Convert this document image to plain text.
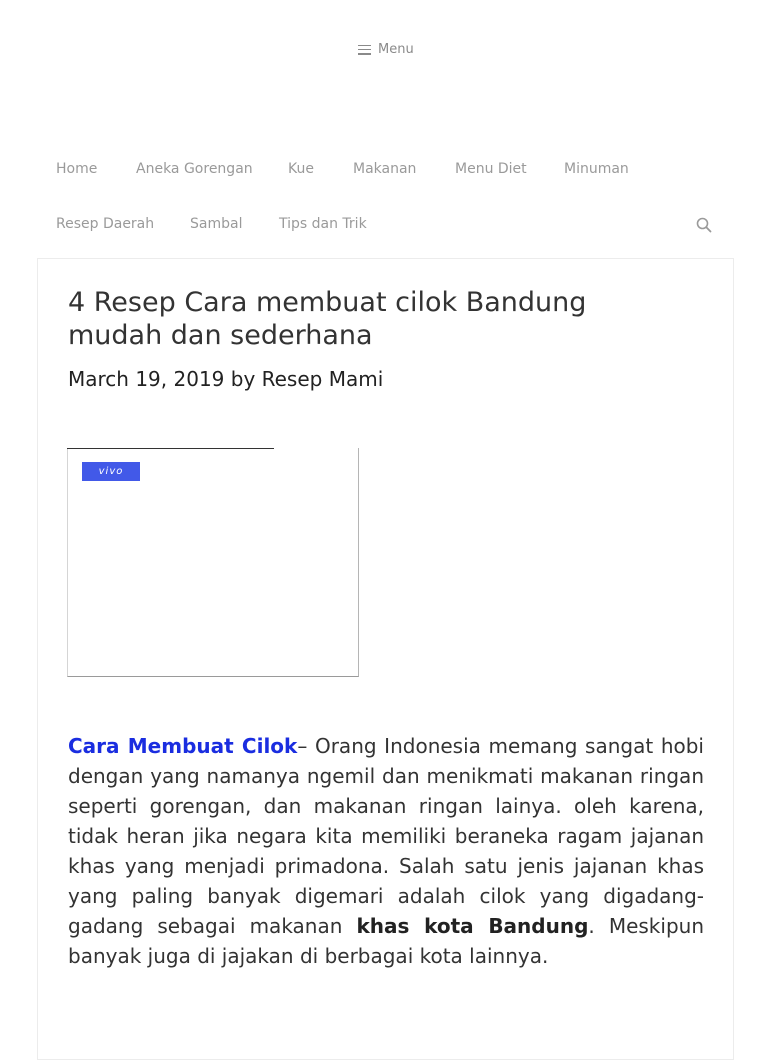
Menu
Home	Aneka Gorengan	Kue	Makanan	Menu Diet	Minuman
Resep Daerah	Sambal	Tips dan Trik
4 Resep Cara membuat cilok Bandung mudah dan sederhana
March 19, 2019 by Resep Mami
vivo

Cara Membuat Cilok– Orang Indonesia memang sangat hobi dengan yang namanya ngemil dan menikmati makanan ringan seperti gorengan, dan makanan ringan lainya. oleh karena, tidak heran jika negara kita memiliki beraneka ragam jajanan khas yang menjadi primadona. Salah satu jenis jajanan khas yang paling banyak digemari adalah cilok yang digadang-gadang sebagai makanan khas kota Bandung. Meskipun banyak juga di jajakan di berbagai kota lainnya.
